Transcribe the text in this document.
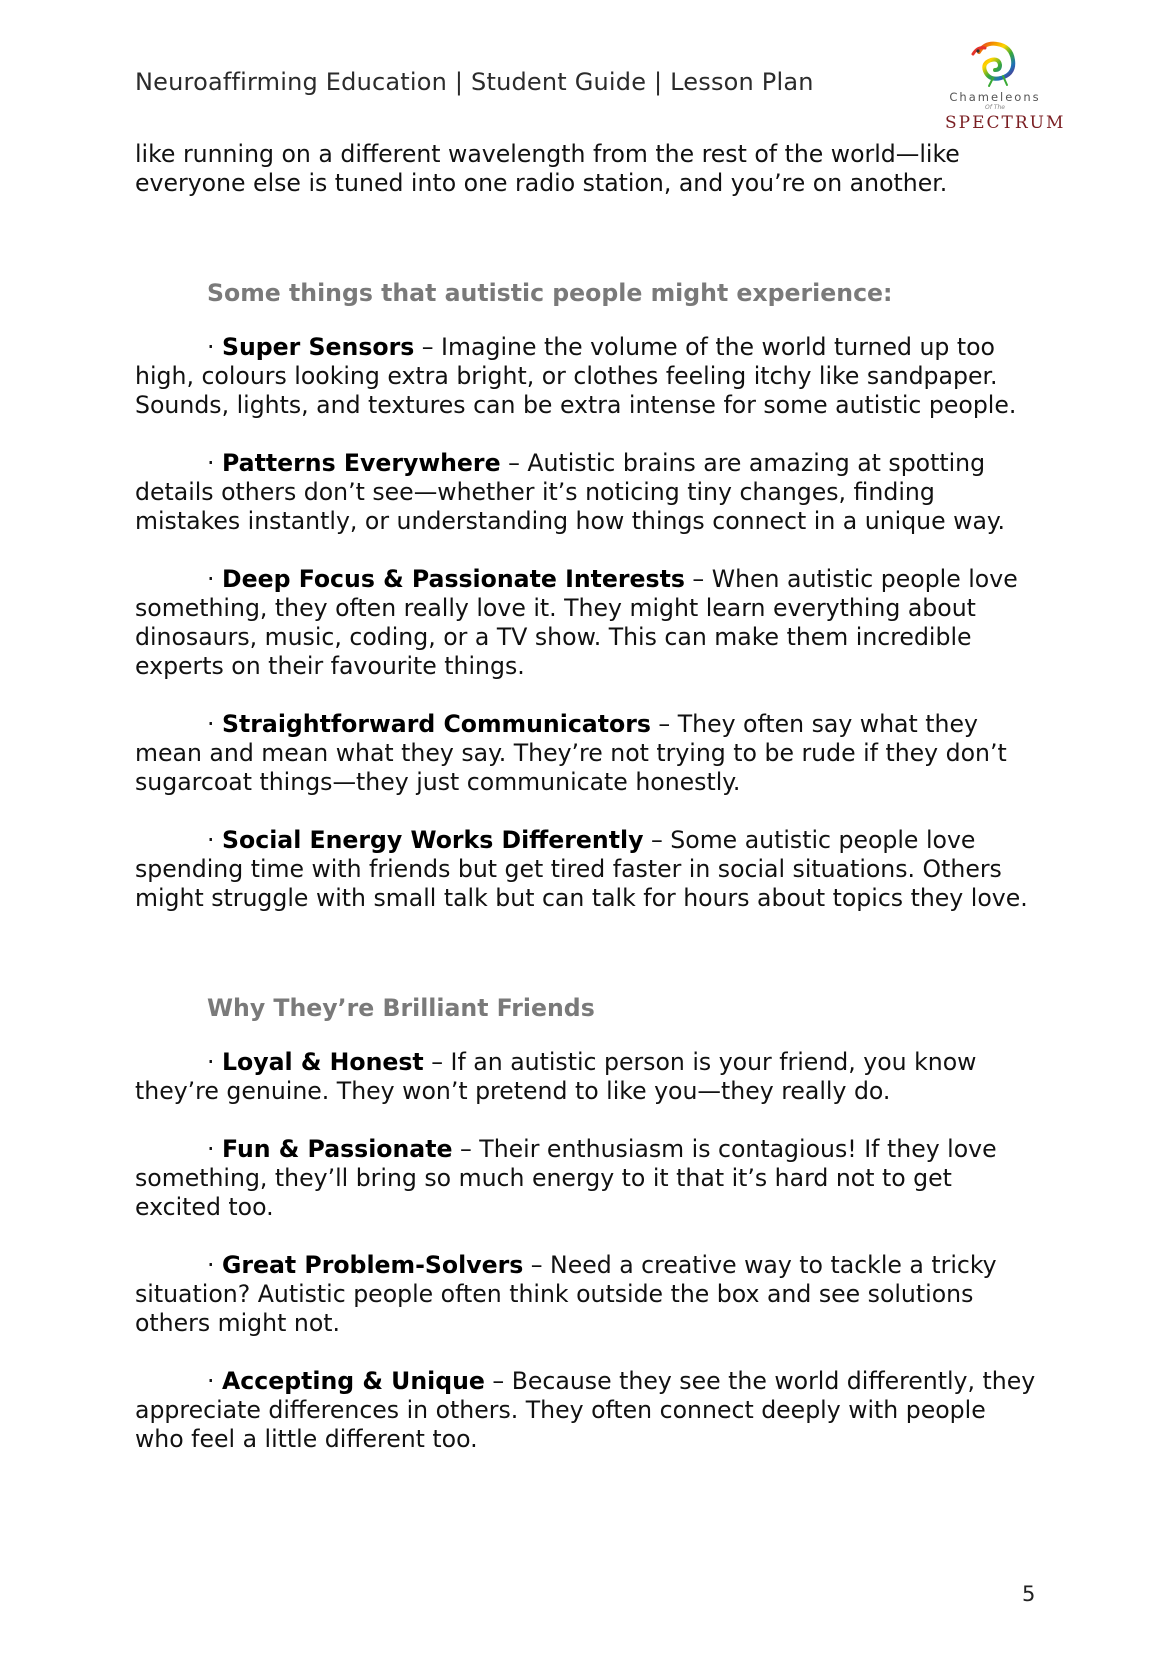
Neuroaffirming Education | Student Guide | Lesson Plan
Chameleons
Of The
SPECTRUM

like running on a different wavelength from the rest of the world—like everyone else is tuned into one radio station, and you’re on another.

Some things that autistic people might experience:

· Super Sensors – Imagine the volume of the world turned up too high, colours looking extra bright, or clothes feeling itchy like sandpaper. Sounds, lights, and textures can be extra intense for some autistic people.

· Patterns Everywhere – Autistic brains are amazing at spotting details others don’t see—whether it’s noticing tiny changes, finding mistakes instantly, or understanding how things connect in a unique way.

· Deep Focus & Passionate Interests – When autistic people love something, they often really love it. They might learn everything about dinosaurs, music, coding, or a TV show. This can make them incredible experts on their favourite things.

· Straightforward Communicators – They often say what they mean and mean what they say. They’re not trying to be rude if they don’t sugarcoat things—they just communicate honestly.

· Social Energy Works Differently – Some autistic people love spending time with friends but get tired faster in social situations. Others might struggle with small talk but can talk for hours about topics they love.

Why They’re Brilliant Friends

· Loyal & Honest – If an autistic person is your friend, you know they’re genuine. They won’t pretend to like you—they really do.

· Fun & Passionate – Their enthusiasm is contagious! If they love something, they’ll bring so much energy to it that it’s hard not to get excited too.

· Great Problem-Solvers – Need a creative way to tackle a tricky situation? Autistic people often think outside the box and see solutions others might not.

· Accepting & Unique – Because they see the world differently, they appreciate differences in others. They often connect deeply with people who feel a little different too.

5
